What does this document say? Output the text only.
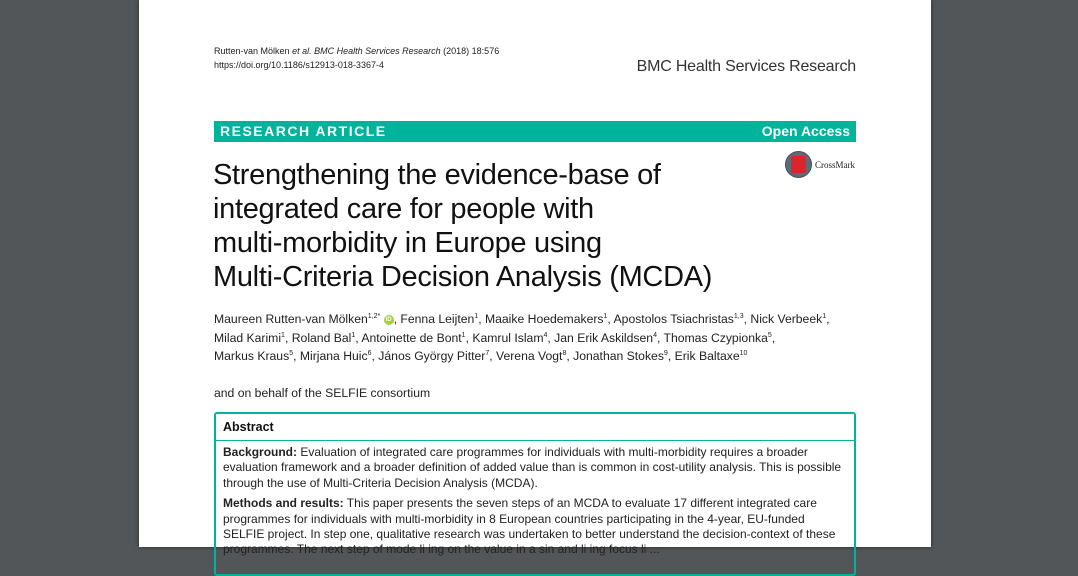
Rutten-van Mölken et al. BMC Health Services Research (2018) 18:576
https://doi.org/10.1186/s12913-018-3367-4	BMC Health Services Research
RESEARCH ARTICLE	Open Access
CrossMark
Strengthening the evidence-base of
integrated care for people with
multi-morbidity in Europe using
Multi-Criteria Decision Analysis (MCDA)
Maureen Rutten-van Mölken$^{1,2*}$ iD , Fenna Leijten$^1$, Maaike Hoedemakers$^1$, Apostolos Tsiachristas$^{1,3}$, Nick Verbeek$^1$,
Milad Karimi$^1$, Roland Bal$^1$, Antoinette de Bont$^1$, Kamrul Islam$^4$, Jan Erik Askildsen$^4$, Thomas Czypionka$^5$,
Markus Kraus$^5$, Mirjana Huic$^6$, János György Pitter$^7$, Verena Vogt$^8$, Jonathan Stokes$^9$, Erik Baltaxe$^{10}$

and on behalf of the SELFIE consortium
Abstract

Background: Evaluation of integrated care programmes for individuals with multi-morbidity requires a broader evaluation framework and a broader definition of added value than is common in cost-utility analysis. This is possible through the use of Multi-Criteria Decision Analysis (MCDA).

Methods and results: This paper presents the seven steps of an MCDA to evaluate 17 different integrated care programmes for individuals with multi-morbidity in 8 European countries participating in the 4-year, EU-funded SELFIE project. In step one, qualitative research was undertaken to better understand the decision-context of these programmes. The next step of mode li ing on the value in a sin and li ing focus li ...
